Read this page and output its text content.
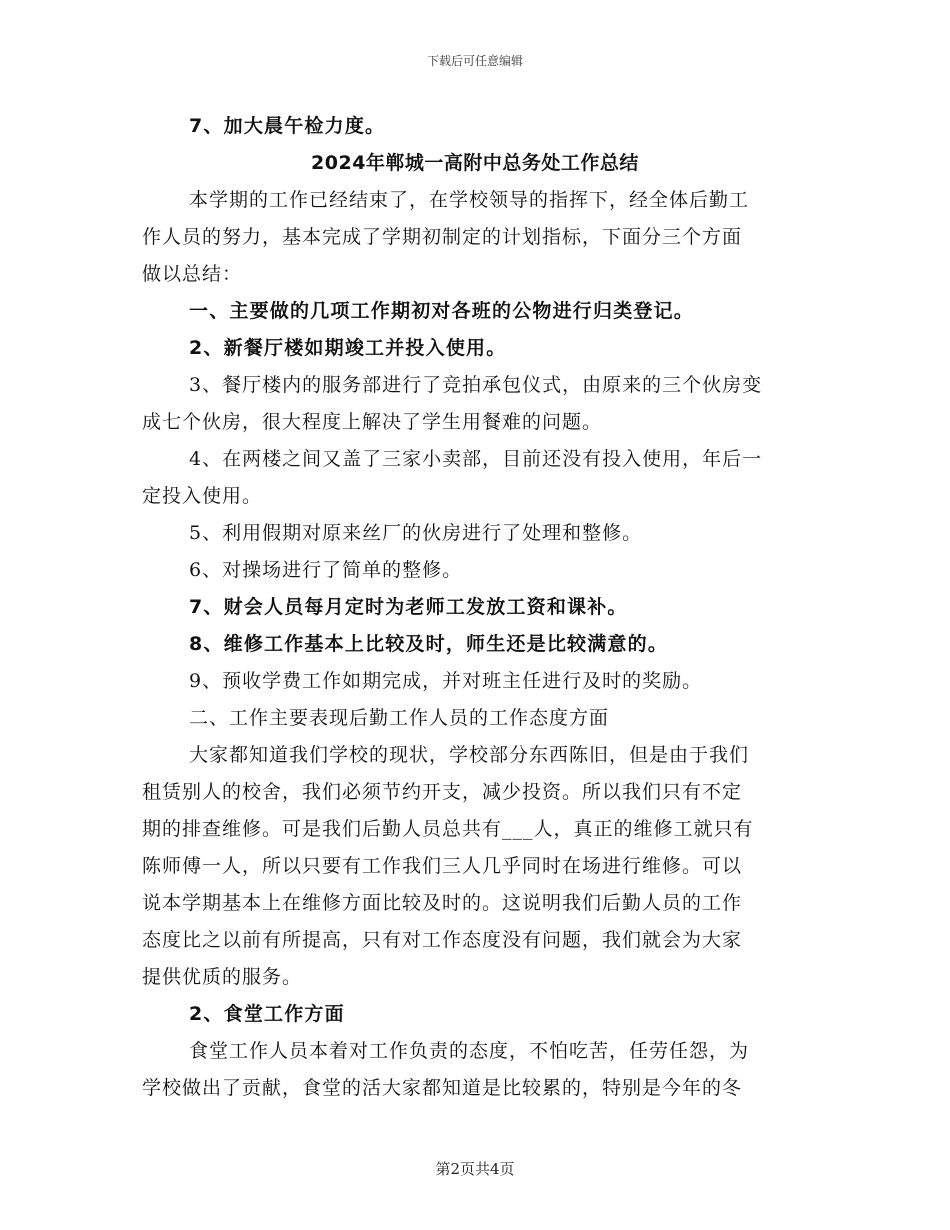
下载后可任意编辑
7、加大晨午检力度。
2024年郸城一高附中总务处工作总结
本学期的工作已经结束了，在学校领导的指挥下，经全体后勤工
作人员的努力，基本完成了学期初制定的计划指标，下面分三个方面
做以总结：
一、主要做的几项工作期初对各班的公物进行归类登记。
2、新餐厅楼如期竣工并投入使用。
3、餐厅楼内的服务部进行了竞拍承包仪式，由原来的三个伙房变
成七个伙房，很大程度上解决了学生用餐难的问题。
4、在两楼之间又盖了三家小卖部，目前还没有投入使用，年后一
定投入使用。
5、利用假期对原来丝厂的伙房进行了处理和整修。
6、对操场进行了简单的整修。
7、财会人员每月定时为老师工发放工资和课补。
8、维修工作基本上比较及时，师生还是比较满意的。
9、预收学费工作如期完成，并对班主任进行及时的奖励。
二、工作主要表现后勤工作人员的工作态度方面
大家都知道我们学校的现状，学校部分东西陈旧，但是由于我们
租赁别人的校舍，我们必须节约开支，减少投资。所以我们只有不定
期的排查维修。可是我们后勤人员总共有___人，真正的维修工就只有
陈师傅一人，所以只要有工作我们三人几乎同时在场进行维修。可以
说本学期基本上在维修方面比较及时的。这说明我们后勤人员的工作
态度比之以前有所提高，只有对工作态度没有问题，我们就会为大家
提供优质的服务。
2、食堂工作方面
食堂工作人员本着对工作负责的态度，不怕吃苦，任劳任怨，为
学校做出了贡献，食堂的活大家都知道是比较累的，特别是今年的冬
第2页共4页
